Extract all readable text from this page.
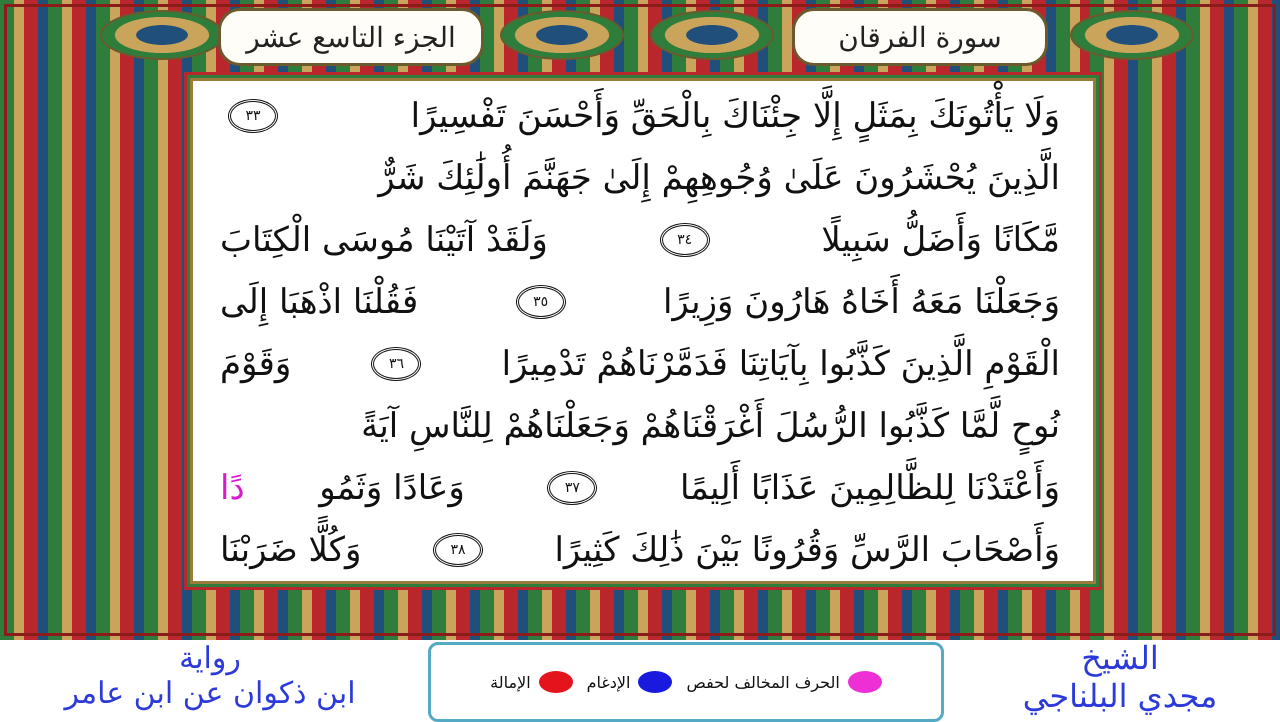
الجزء التاسع عشر	سورة الفرقان
وَلَا يَأْتُونَكَ بِمَثَلٍ إِلَّا جِئْنَاكَ بِالْحَقِّ وَأَحْسَنَ تَفْسِيرًا
٣٣
الَّذِينَ يُحْشَرُونَ عَلَىٰ وُجُوهِهِمْ إِلَىٰ جَهَنَّمَ أُولَٰئِكَ شَرٌّ
مَّكَانًا وَأَضَلُّ سَبِيلًا
٣٤
وَلَقَدْ آتَيْنَا مُوسَى الْكِتَابَ
وَجَعَلْنَا مَعَهُ أَخَاهُ هَارُونَ وَزِيرًا
٣٥
فَقُلْنَا اذْهَبَا إِلَى
الْقَوْمِ الَّذِينَ كَذَّبُوا بِآيَاتِنَا فَدَمَّرْنَاهُمْ تَدْمِيرًا
٣٦
وَقَوْمَ
نُوحٍ لَّمَّا كَذَّبُوا الرُّسُلَ أَغْرَقْنَاهُمْ وَجَعَلْنَاهُمْ لِلنَّاسِ آيَةً
وَأَعْتَدْنَا لِلظَّالِمِينَ عَذَابًا أَلِيمًا
٣٧
وَعَادًا وَثَمُو
دًا
وَأَصْحَابَ الرَّسِّ وَقُرُونًا بَيْنَ ذَٰلِكَ كَثِيرًا
٣٨
وَكُلًّا ضَرَبْنَا
رواية
ابن ذكوان عن ابن عامر	الحرف المخالف لحفص
الإدغام
الإمالة
الشيخ
مجدي البلناجي
